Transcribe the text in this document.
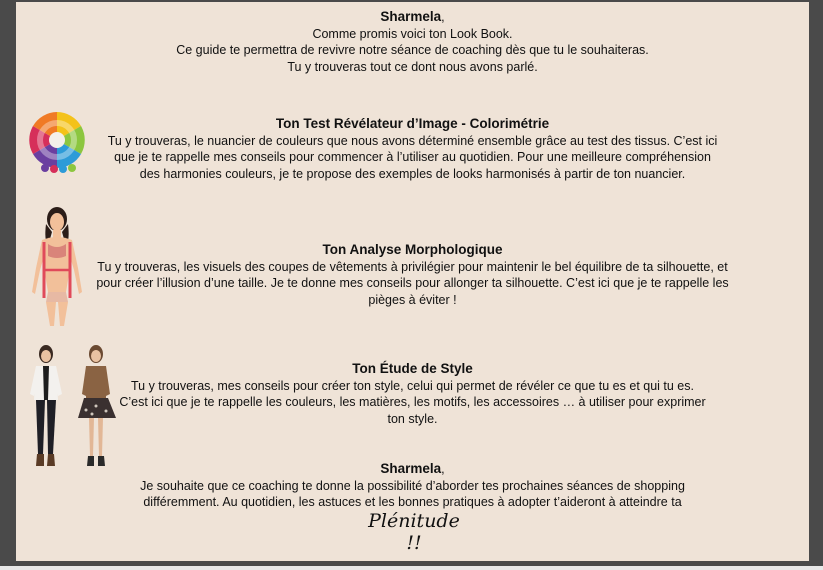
Sharmela,
Comme promis voici ton Look Book.
Ce guide te permettra de revivre notre séance de coaching dès que tu le souhaiteras.
Tu y trouveras tout ce dont nous avons parlé.
Ton Test Révélateur d’Image - Colorimétrie
Tu y trouveras, le nuancier de couleurs que nous avons déterminé ensemble grâce au test des tissus. C’est ici que je te rappelle mes conseils pour commencer à l’utiliser au quotidien. Pour une meilleure compréhension des harmonies couleurs, je te propose des exemples de looks harmonisés à partir de ton nuancier.
Ton Analyse Morphologique
Tu y trouveras, les visuels des coupes de vêtements à privilégier pour maintenir le bel équilibre de ta silhouette, et pour créer l’illusion d’une taille. Je te donne mes conseils pour allonger ta silhouette. C’est ici que je te rappelle les pièges à éviter !
Ton Étude de Style
Tu y trouveras, mes conseils pour créer ton style, celui qui permet de révéler ce que tu es et qui tu es. C’est ici que je te rappelle les couleurs, les matières, les motifs, les accessoires … à utiliser pour exprimer ton style.
Sharmela,
Je souhaite que ce coaching te donne la possibilité d’aborder tes prochaines séances de shopping différemment. Au quotidien, les astuces et les bonnes pratiques à adopter t’aideront à atteindre ta
Plénitude !!
